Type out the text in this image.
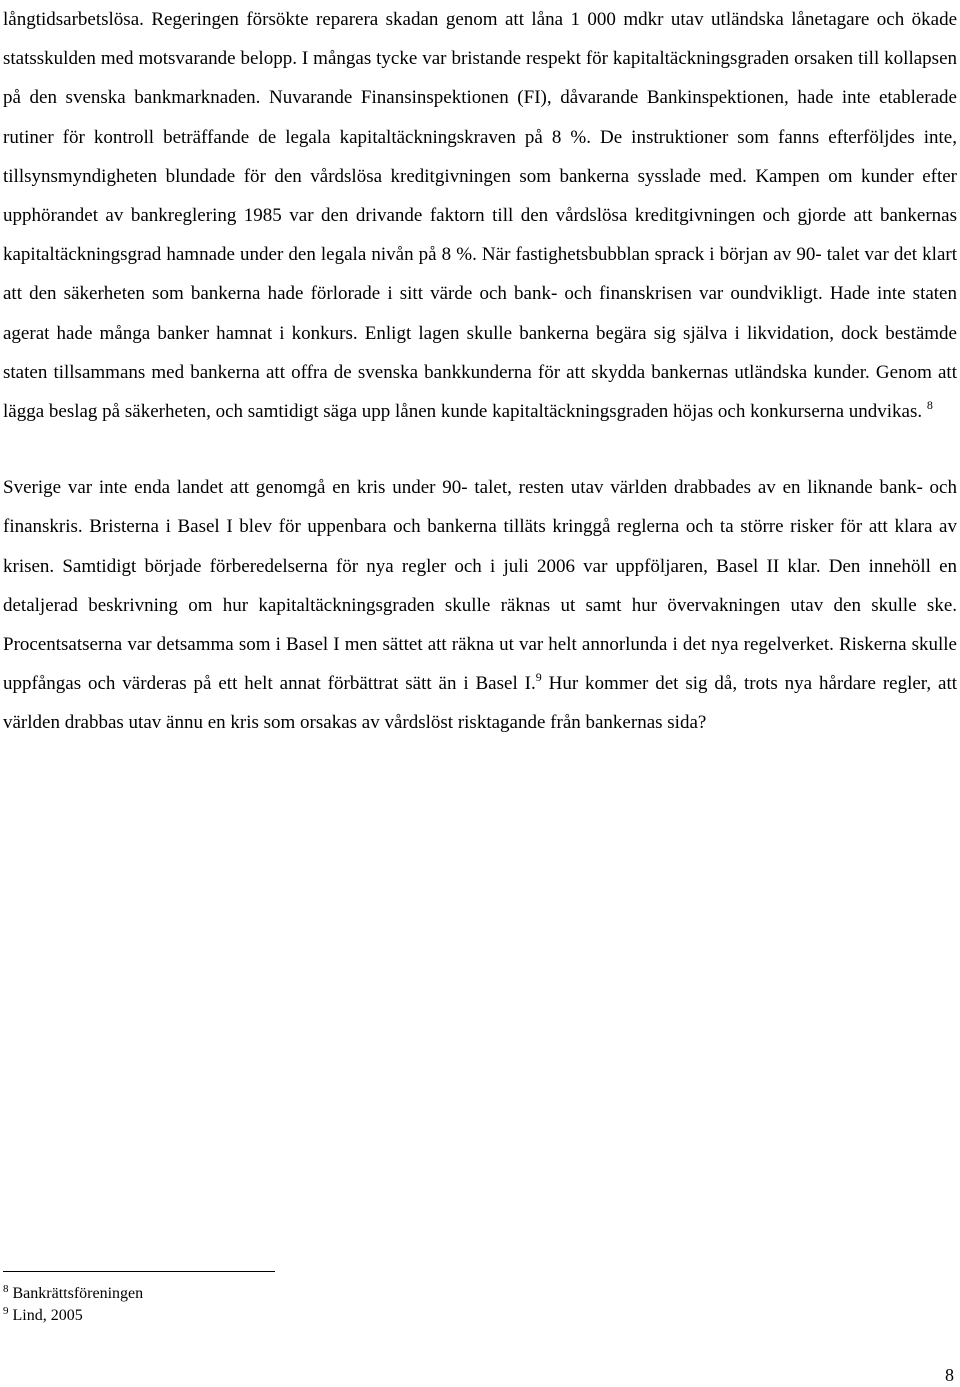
långtidsarbetslösa. Regeringen försökte reparera skadan genom att låna 1 000 mdkr utav utländska lånetagare och ökade statsskulden med motsvarande belopp. I mångas tycke var bristande respekt för kapitaltäckningsgraden orsaken till kollapsen på den svenska bankmarknaden. Nuvarande Finansinspektionen (FI), dåvarande Bankinspektionen, hade inte etablerade rutiner för kontroll beträffande de legala kapitaltäckningskraven på 8 %. De instruktioner som fanns efterföljdes inte, tillsynsmyndigheten blundade för den vårdslösa kreditgivningen som bankerna sysslade med. Kampen om kunder efter upphörandet av bankreglering 1985 var den drivande faktorn till den vårdslösa kreditgivningen och gjorde att bankernas kapitaltäckningsgrad hamnade under den legala nivån på 8 %. När fastighetsbubblan sprack i början av 90- talet var det klart att den säkerheten som bankerna hade förlorade i sitt värde och bank- och finanskrisen var oundvikligt. Hade inte staten agerat hade många banker hamnat i konkurs. Enligt lagen skulle bankerna begära sig själva i likvidation, dock bestämde staten tillsammans med bankerna att offra de svenska bankkunderna för att skydda bankernas utländska kunder. Genom att lägga beslag på säkerheten, och samtidigt säga upp lånen kunde kapitaltäckningsgraden höjas och konkurserna undvikas. $^8$

Sverige var inte enda landet att genomgå en kris under 90- talet, resten utav världen drabbades av en liknande bank- och finanskris. Bristerna i Basel I blev för uppenbara och bankerna tilläts kringgå reglerna och ta större risker för att klara av krisen. Samtidigt började förberedelserna för nya regler och i juli 2006 var uppföljaren, Basel II klar. Den innehöll en detaljerad beskrivning om hur kapitaltäckningsgraden skulle räknas ut samt hur övervakningen utav den skulle ske. Procentsatserna var detsamma som i Basel I men sättet att räkna ut var helt annorlunda i det nya regelverket. Riskerna skulle uppfångas och värderas på ett helt annat förbättrat sätt än i Basel I.$^9$ Hur kommer det sig då, trots nya hårdare regler, att världen drabbas utav ännu en kris som orsakas av vårdslöst risktagande från bankernas sida?

$^8$ Bankrättsföreningen
$^9$ Lind, 2005
8
